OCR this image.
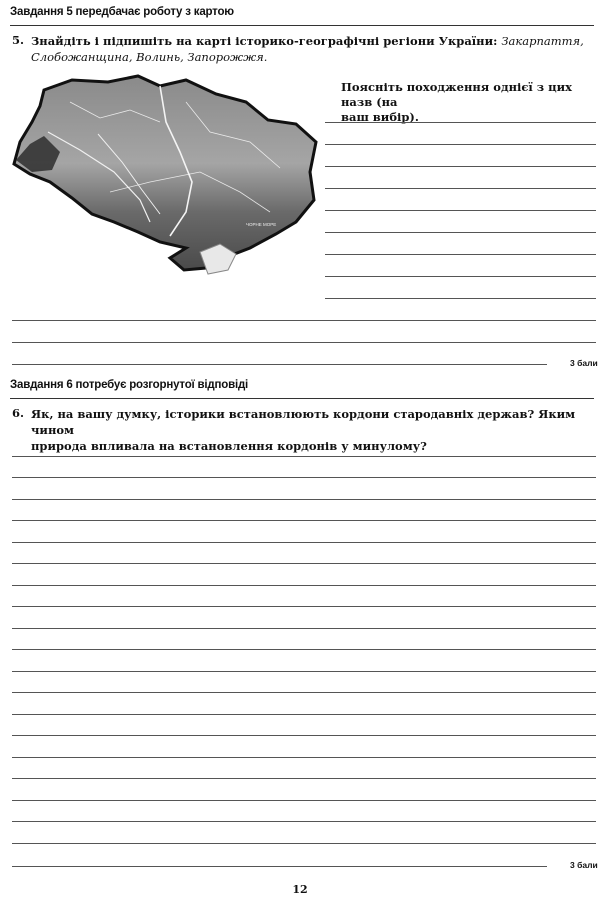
Завдання 5 передбачає роботу з картою
5. Знайдіть і підпишіть на карті історико-географічні регіони України: Закарпаття,
Слобожанщина, Волинь, Запорожжя.
ЧОРНЕ МОРЕ
Поясніть походження однієї з цих назв (на
ваш вибір).
3 бали
Завдання 6 потребує розгорнутої відповіді
6. Як, на вашу думку, історики встановлюють кордони стародавніх держав? Яким чином
природа впливала на встановлення кордонів у минулому?
3 бали
12
